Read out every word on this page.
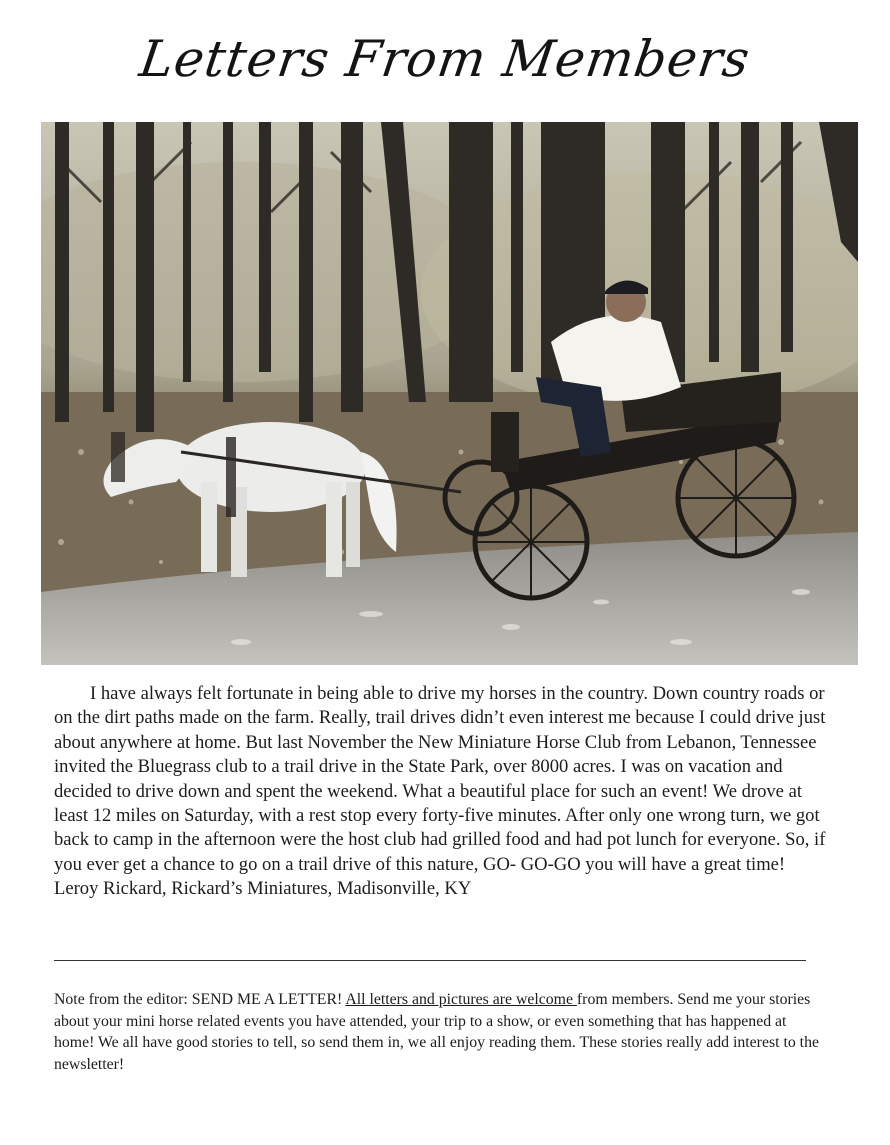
Letters From Members

I have always felt fortunate in being able to drive my horses in the country. Down country roads or on the dirt paths made on the farm. Really, trail drives didn’t even interest me because I could drive just about anywhere at home. But last November the New Miniature Horse Club from Lebanon, Tennessee invited the Bluegrass club to a trail drive in the State Park, over 8000 acres. I was on vacation and decided to drive down and spent the weekend. What a beautiful place for such an event! We drove at least 12 miles on Saturday, with a rest stop every forty-five minutes. After only one wrong turn, we got back to camp in the afternoon were the host club had grilled food and had pot lunch for everyone. So, if you ever get a chance to go on a trail drive of this nature, GO- GO-GO you will have a great time!
Leroy Rickard, Rickard’s Miniatures, Madisonville, KY

Note from the editor: SEND ME A LETTER! All letters and pictures are welcome from members. Send me your stories about your mini horse related events you have attended, your trip to a show, or even something that has happened at home! We all have good stories to tell, so send them in, we all enjoy reading them. These stories really add interest to the newsletter!
